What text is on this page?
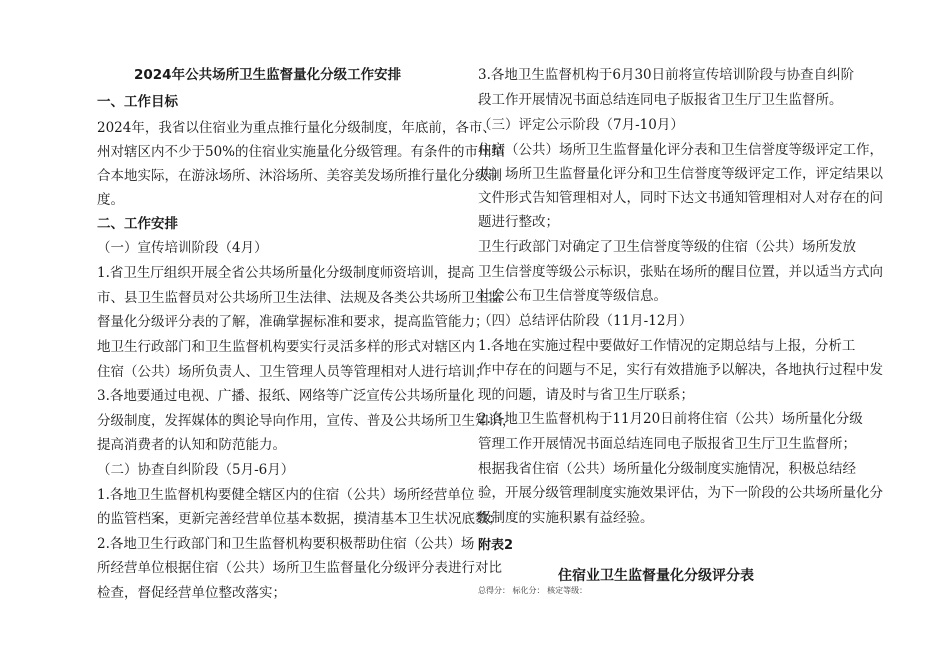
2024年公共场所卫生监督量化分级工作安排
一、工作目标
2024年，我省以住宿业为重点推行量化分级制度，年底前，各市、
州对辖区内不少于50%的住宿业实施量化分级管理。有条件的市州结
合本地实际，在游泳场所、沐浴场所、美容美发场所推行量化分级制
度。
二、工作安排
（一）宣传培训阶段（4月）
1.省卫生厅组织开展全省公共场所量化分级制度师资培训，提高
市、县卫生监督员对公共场所卫生法律、法规及各类公共场所卫生监
督量化分级评分表的了解，准确掌握标准和要求，提高监管能力；
地卫生行政部门和卫生监督机构要实行灵活多样的形式对辖区内
住宿（公共）场所负责人、卫生管理人员等管理相对人进行培训；
3.各地要通过电视、广播、报纸、网络等广泛宣传公共场所量化
分级制度，发挥媒体的舆论导向作用，宣传、普及公共场所卫生知识，
提高消费者的认知和防范能力。
（二）协查自纠阶段（5月-6月）
1.各地卫生监督机构要健全辖区内的住宿（公共）场所经营单位
的监管档案，更新完善经营单位基本数据，摸清基本卫生状况底数；
2.各地卫生行政部门和卫生监督机构要积极帮助住宿（公共）场
所经营单位根据住宿（公共）场所卫生监督量化分级评分表进行对比
检查，督促经营单位整改落实；
3.各地卫生监督机构于6月30日前将宣传培训阶段与协查自纠阶
段工作开展情况书面总结连同电子版报省卫生厅卫生监督所。
（三）评定公示阶段（7月-10月）
住宿（公共）场所卫生监督量化评分表和卫生信誉度等级评定工作，
共）场所卫生监督量化评分和卫生信誉度等级评定工作，评定结果以
文件形式告知管理相对人，同时下达文书通知管理相对人对存在的问
题进行整改；
卫生行政部门对确定了卫生信誉度等级的住宿（公共）场所发放
卫生信誉度等级公示标识，张贴在场所的醒目位置，并以适当方式向
社会公布卫生信誉度等级信息。
（四）总结评估阶段（11月-12月）
1.各地在实施过程中要做好工作情况的定期总结与上报，分析工
作中存在的问题与不足，实行有效措施予以解决，各地执行过程中发
现的问题，请及时与省卫生厅联系；
2.各地卫生监督机构于11月20日前将住宿（公共）场所量化分级
管理工作开展情况书面总结连同电子版报省卫生厅卫生监督所；
根据我省住宿（公共）场所量化分级制度实施情况，积极总结经
验，开展分级管理制度实施效果评估，为下一阶段的公共场所量化分
级制度的实施积累有益经验。
附表2
住宿业卫生监督量化分级评分表
总得分： 标化分： 核定等级：
